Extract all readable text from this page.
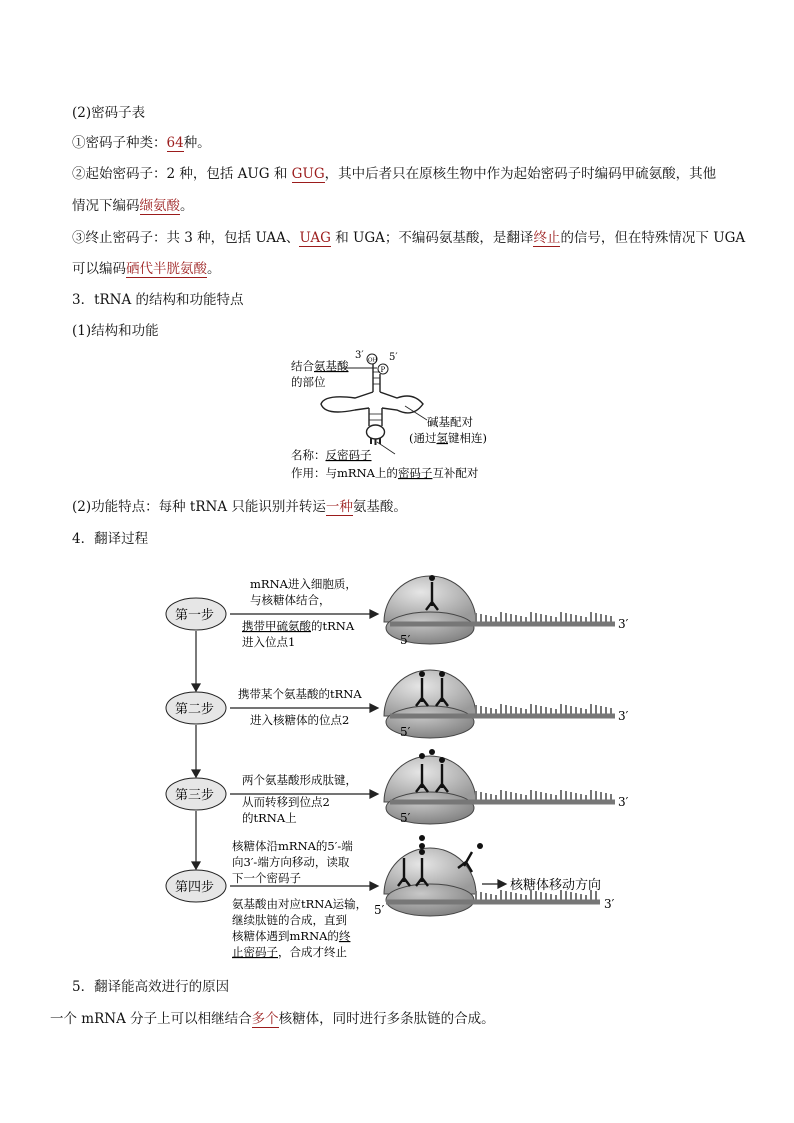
(2)密码子表
①密码子种类：64种。
②起始密码子：2 种，包括 AUG 和 GUG，其中后者只在原核生物中作为起始密码子时编码甲硫氨酸，其他
情况下编码缬氨酸。
③终止密码子：共 3 种，包括 UAA、UAG 和 UGA；不编码氨基酸，是翻译终止的信号，但在特殊情况下 UGA
可以编码硒代半胱氨酸。
3．tRNA 的结构和功能特点
(1)结构和功能
结合氨基酸
的部位
3′	5′
OH
P
碱基配对
(通过氢键相连)
名称：反密码子
作用：与mRNA上的密码子互补配对
(2)功能特点：每种 tRNA 只能识别并转运一种氨基酸。
4．翻译过程
第一步
第二步
第三步
第四步
mRNA进入细胞质，
与核糖体结合，
携带甲硫氨酸的tRNA
进入位点1
携带某个氨基酸的tRNA
进入核糖体的位点2
两个氨基酸形成肽键，
从而转移到位点2
的tRNA上
核糖体沿mRNA的5′-端
向3′-端方向移动，读取
下一个密码子
氨基酸由对应tRNA运输，
继续肽链的合成，直到
核糖体遇到mRNA的终
止密码子，合成才终止
5′
3′
5′
3′
5′
3′
5′	3′
核糖体移动方向
5．翻译能高效进行的原因
一个 mRNA 分子上可以相继结合多个核糖体，同时进行多条肽链的合成。
